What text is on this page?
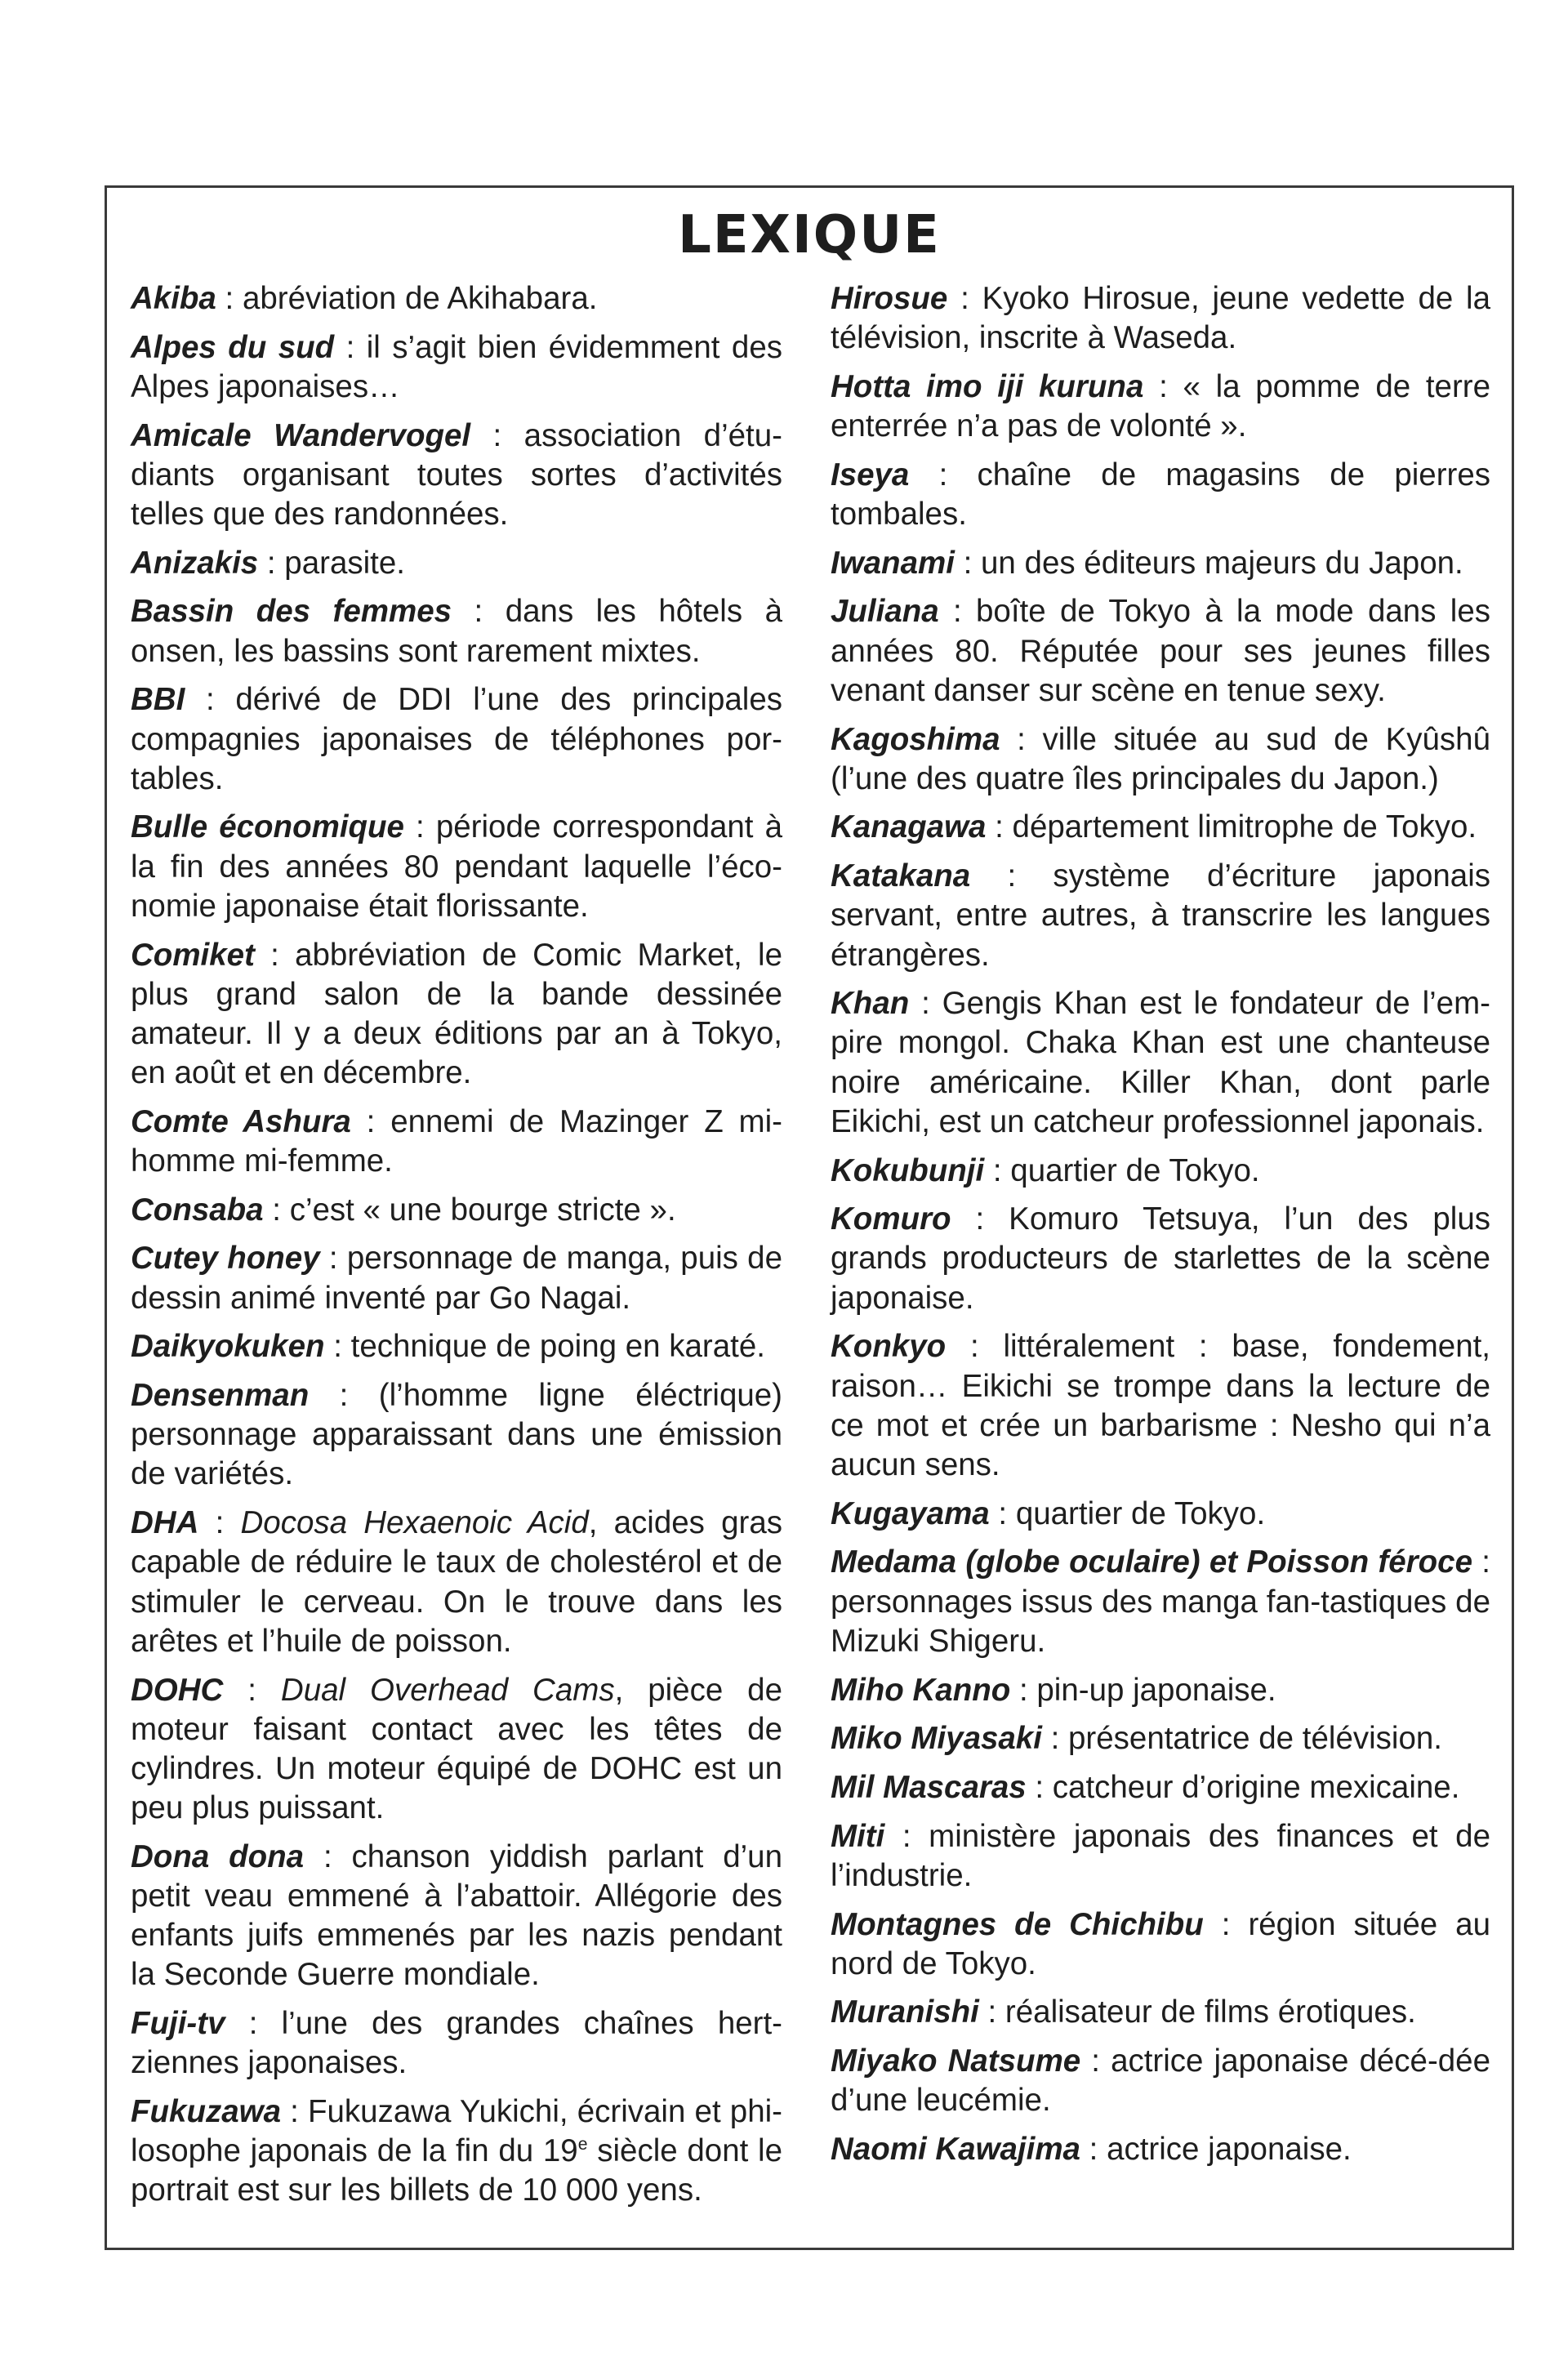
LEXIQUE

Akiba : abréviation de Akihabara.

Alpes du sud : il s’agit bien évidemment des Alpes japonaises…

Amicale Wandervogel : association d’étu-diants organisant toutes sortes d’activités telles que des randonnées.

Anizakis : parasite.

Bassin des femmes : dans les hôtels à onsen, les bassins sont rarement mixtes.

BBI : dérivé de DDI l’une des principales compagnies japonaises de téléphones por-tables.

Bulle économique : période correspondant à la fin des années 80 pendant laquelle l’éco-nomie japonaise était florissante.

Comiket : abbréviation de Comic Market, le plus grand salon de la bande dessinée amateur. Il y a deux éditions par an à Tokyo, en août et en décembre.

Comte Ashura : ennemi de Mazinger Z mi-homme mi-femme.

Consaba : c’est « une bourge stricte ».

Cutey honey : personnage de manga, puis de dessin animé inventé par Go Nagai.

Daikyokuken : technique de poing en karaté.

Densenman : (l’homme ligne éléctrique) personnage apparaissant dans une émission de variétés.

DHA : Docosa Hexaenoic Acid, acides gras capable de réduire le taux de cholestérol et de stimuler le cerveau. On le trouve dans les arêtes et l’huile de poisson.

DOHC : Dual Overhead Cams, pièce de moteur faisant contact avec les têtes de cylindres. Un moteur équipé de DOHC est un peu plus puissant.

Dona dona : chanson yiddish parlant d’un petit veau emmené à l’abattoir. Allégorie des enfants juifs emmenés par les nazis pendant la Seconde Guerre mondiale.

Fuji-tv : l’une des grandes chaînes hert-ziennes japonaises.

Fukuzawa : Fukuzawa Yukichi, écrivain et phi-losophe japonais de la fin du 19e siècle dont le portrait est sur les billets de 10 000 yens.

Hirosue : Kyoko Hirosue, jeune vedette de la télévision, inscrite à Waseda.

Hotta imo iji kuruna : « la pomme de terre enterrée n’a pas de volonté ».

Iseya : chaîne de magasins de pierres tombales.

Iwanami : un des éditeurs majeurs du Japon.

Juliana : boîte de Tokyo à la mode dans les années 80. Réputée pour ses jeunes filles venant danser sur scène en tenue sexy.

Kagoshima : ville située au sud de Kyûshû (l’une des quatre îles principales du Japon.)

Kanagawa : département limitrophe de Tokyo.

Katakana : système d’écriture japonais servant, entre autres, à transcrire les langues étrangères.

Khan : Gengis Khan est le fondateur de l’em-pire mongol. Chaka Khan est une chanteuse noire américaine. Killer Khan, dont parle Eikichi, est un catcheur professionnel japonais.

Kokubunji : quartier de Tokyo.

Komuro : Komuro Tetsuya, l’un des plus grands producteurs de starlettes de la scène japonaise.

Konkyo : littéralement : base, fondement, raison… Eikichi se trompe dans la lecture de ce mot et crée un barbarisme : Nesho qui n’a aucun sens.

Kugayama : quartier de Tokyo.

Medama (globe oculaire) et Poisson féroce : personnages issus des manga fan-tastiques de Mizuki Shigeru.

Miho Kanno : pin-up japonaise.

Miko Miyasaki : présentatrice de télévision.

Mil Mascaras : catcheur d’origine mexicaine.

Miti : ministère japonais des finances et de l’industrie.

Montagnes de Chichibu : région située au nord de Tokyo.

Muranishi : réalisateur de films érotiques.

Miyako Natsume : actrice japonaise décé-dée d’une leucémie.

Naomi Kawajima : actrice japonaise.
